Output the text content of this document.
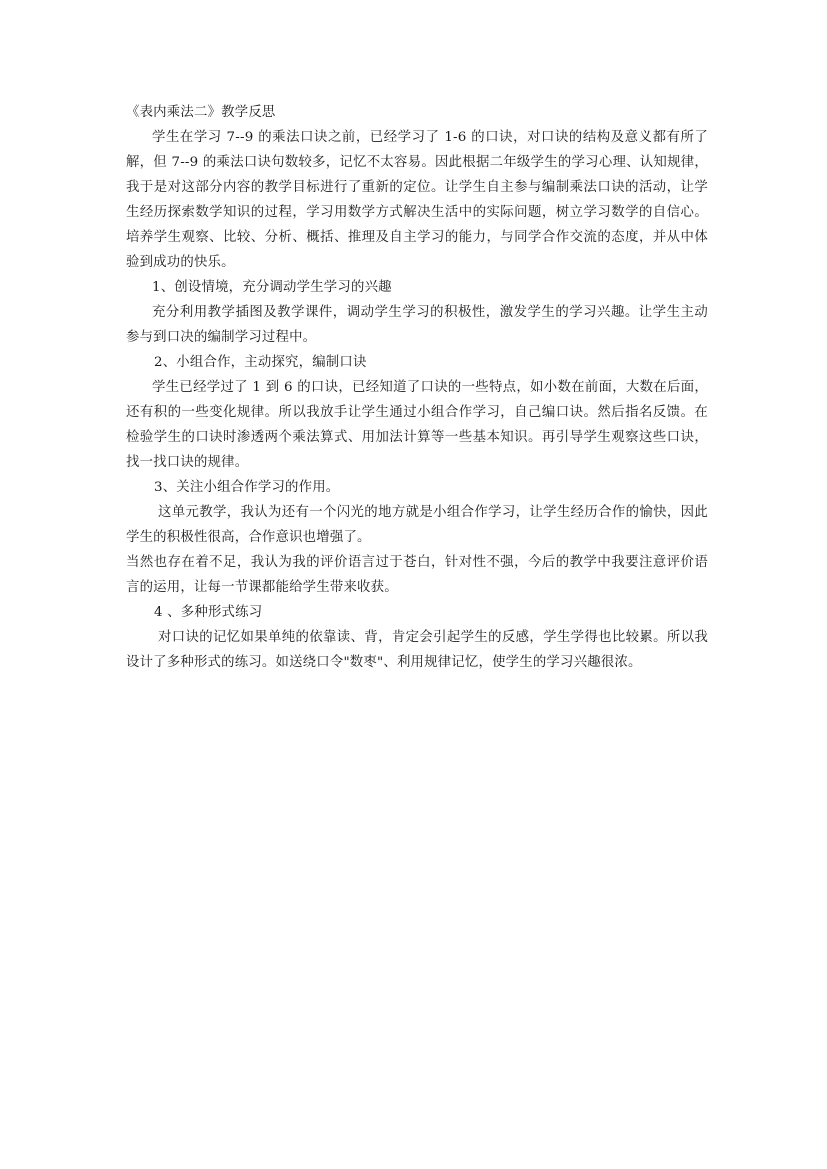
《表内乘法二》教学反思

学生在学习 7--9 的乘法口诀之前，已经学习了 1-6 的口诀，对口诀的结构及意义都有所了解，但 7--9 的乘法口诀句数较多，记忆不太容易。因此根据二年级学生的学习心理、认知规律，我于是对这部分内容的教学目标进行了重新的定位。让学生自主参与编制乘法口诀的活动，让学生经历探索数学知识的过程，学习用数学方式解决生活中的实际问题，树立学习数学的自信心。培养学生观察、比较、分析、概括、推理及自主学习的能力，与同学合作交流的态度，并从中体验到成功的快乐。

1、创设情境，充分调动学生学习的兴趣

充分利用教学插图及教学课件，调动学生学习的积极性，激发学生的学习兴趣。让学生主动参与到口决的编制学习过程中。

2、小组合作，主动探究，编制口诀

学生已经学过了 1 到 6 的口诀，已经知道了口诀的一些特点，如小数在前面，大数在后面，还有积的一些变化规律。所以我放手让学生通过小组合作学习，自己编口诀。然后指名反馈。在检验学生的口诀时渗透两个乘法算式、用加法计算等一些基本知识。再引导学生观察这些口诀，找一找口诀的规律。

3、关注小组合作学习的作用。

这单元教学，我认为还有一个闪光的地方就是小组合作学习，让学生经历合作的愉快，因此学生的积极性很高，合作意识也增强了。

当然也存在着不足，我认为我的评价语言过于苍白，针对性不强，今后的教学中我要注意评价语言的运用，让每一节课都能给学生带来收获。

4 、多种形式练习

对口诀的记忆如果单纯的依靠读、背，肯定会引起学生的反感，学生学得也比较累。所以我设计了多种形式的练习。如送绕口令"数枣"、利用规律记忆，使学生的学习兴趣很浓。
